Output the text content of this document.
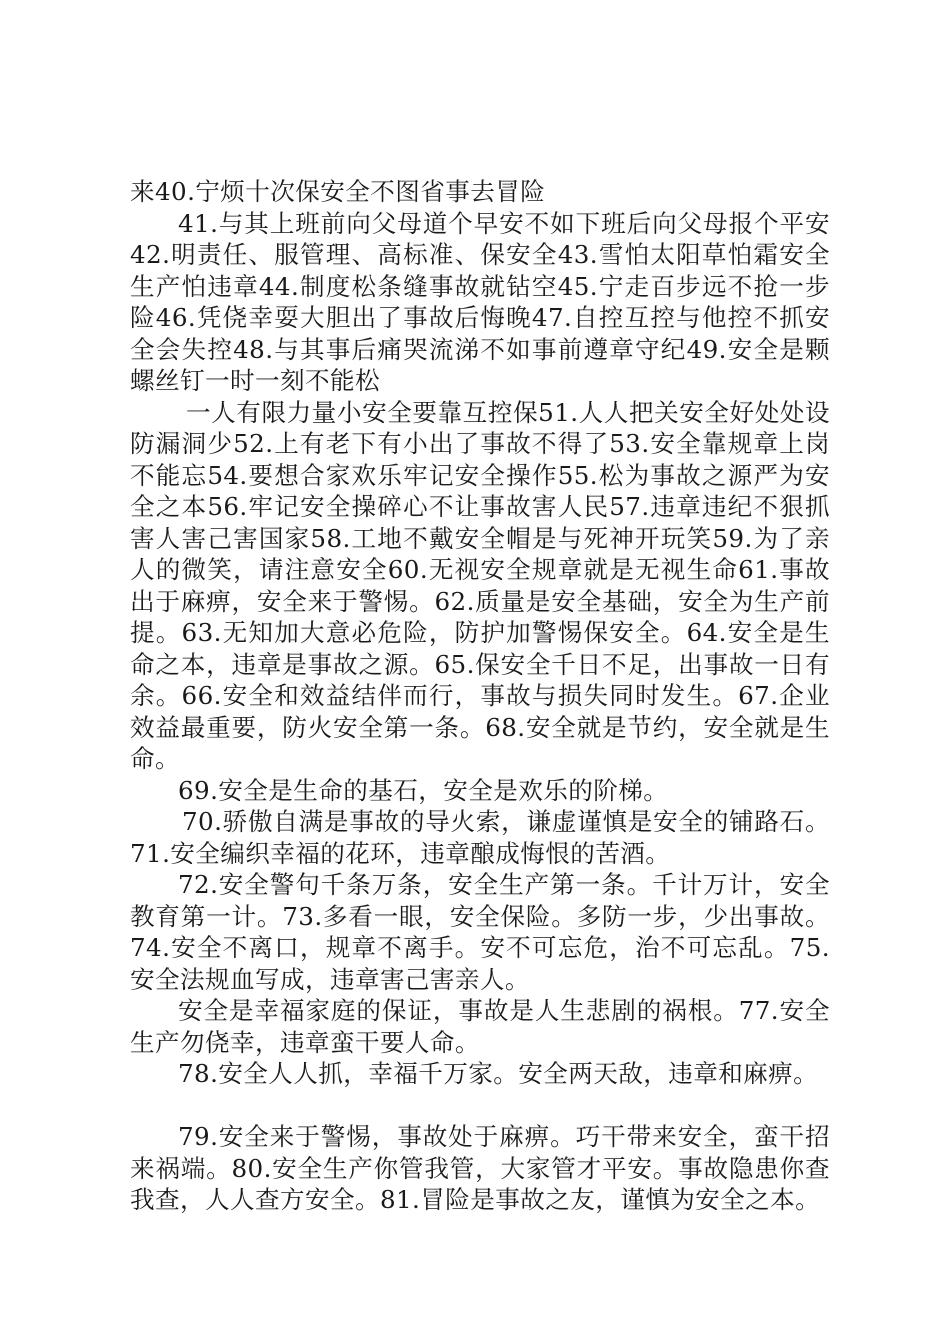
来40.宁烦十次保安全不图省事去冒险

41.与其上班前向父母道个早安不如下班后向父母报个平安42.明责任、服管理、高标准、保安全43.雪怕太阳草怕霜安全生产怕违章44.制度松条缝事故就钻空45.宁走百步远不抢一步险46.凭侥幸耍大胆出了事故后悔晚47.自控互控与他控不抓安全会失控48.与其事后痛哭流涕不如事前遵章守纪49.安全是颗螺丝钉一时一刻不能松

一人有限力量小安全要靠互控保51.人人把关安全好处处设防漏洞少52.上有老下有小出了事故不得了53.安全靠规章上岗不能忘54.要想合家欢乐牢记安全操作55.松为事故之源严为安全之本56.牢记安全操碎心不让事故害人民57.违章违纪不狠抓害人害己害国家58.工地不戴安全帽是与死神开玩笑59.为了亲人的微笑，请注意安全60.无视安全规章就是无视生命61.事故出于麻痹，安全来于警惕。62.质量是安全基础，安全为生产前提。63.无知加大意必危险，防护加警惕保安全。64.安全是生命之本，违章是事故之源。65.保安全千日不足，出事故一日有余。66.安全和效益结伴而行，事故与损失同时发生。67.企业效益最重要，防火安全第一条。68.安全就是节约，安全就是生命。

69.安全是生命的基石，安全是欢乐的阶梯。

70.骄傲自满是事故的导火索，谦虚谨慎是安全的铺路石。71.安全编织幸福的花环，违章酿成悔恨的苦酒。

72.安全警句千条万条，安全生产第一条。千计万计，安全教育第一计。73.多看一眼，安全保险。多防一步，少出事故。74.安全不离口，规章不离手。安不可忘危，治不可忘乱。75.安全法规血写成，违章害己害亲人。

安全是幸福家庭的保证，事故是人生悲剧的祸根。77.安全生产勿侥幸，违章蛮干要人命。

78.安全人人抓，幸福千万家。安全两天敌，违章和麻痹。

79.安全来于警惕，事故处于麻痹。巧干带来安全，蛮干招来祸端。80.安全生产你管我管，大家管才平安。事故隐患你查我查，人人查方安全。81.冒险是事故之友，谨慎为安全之本。
